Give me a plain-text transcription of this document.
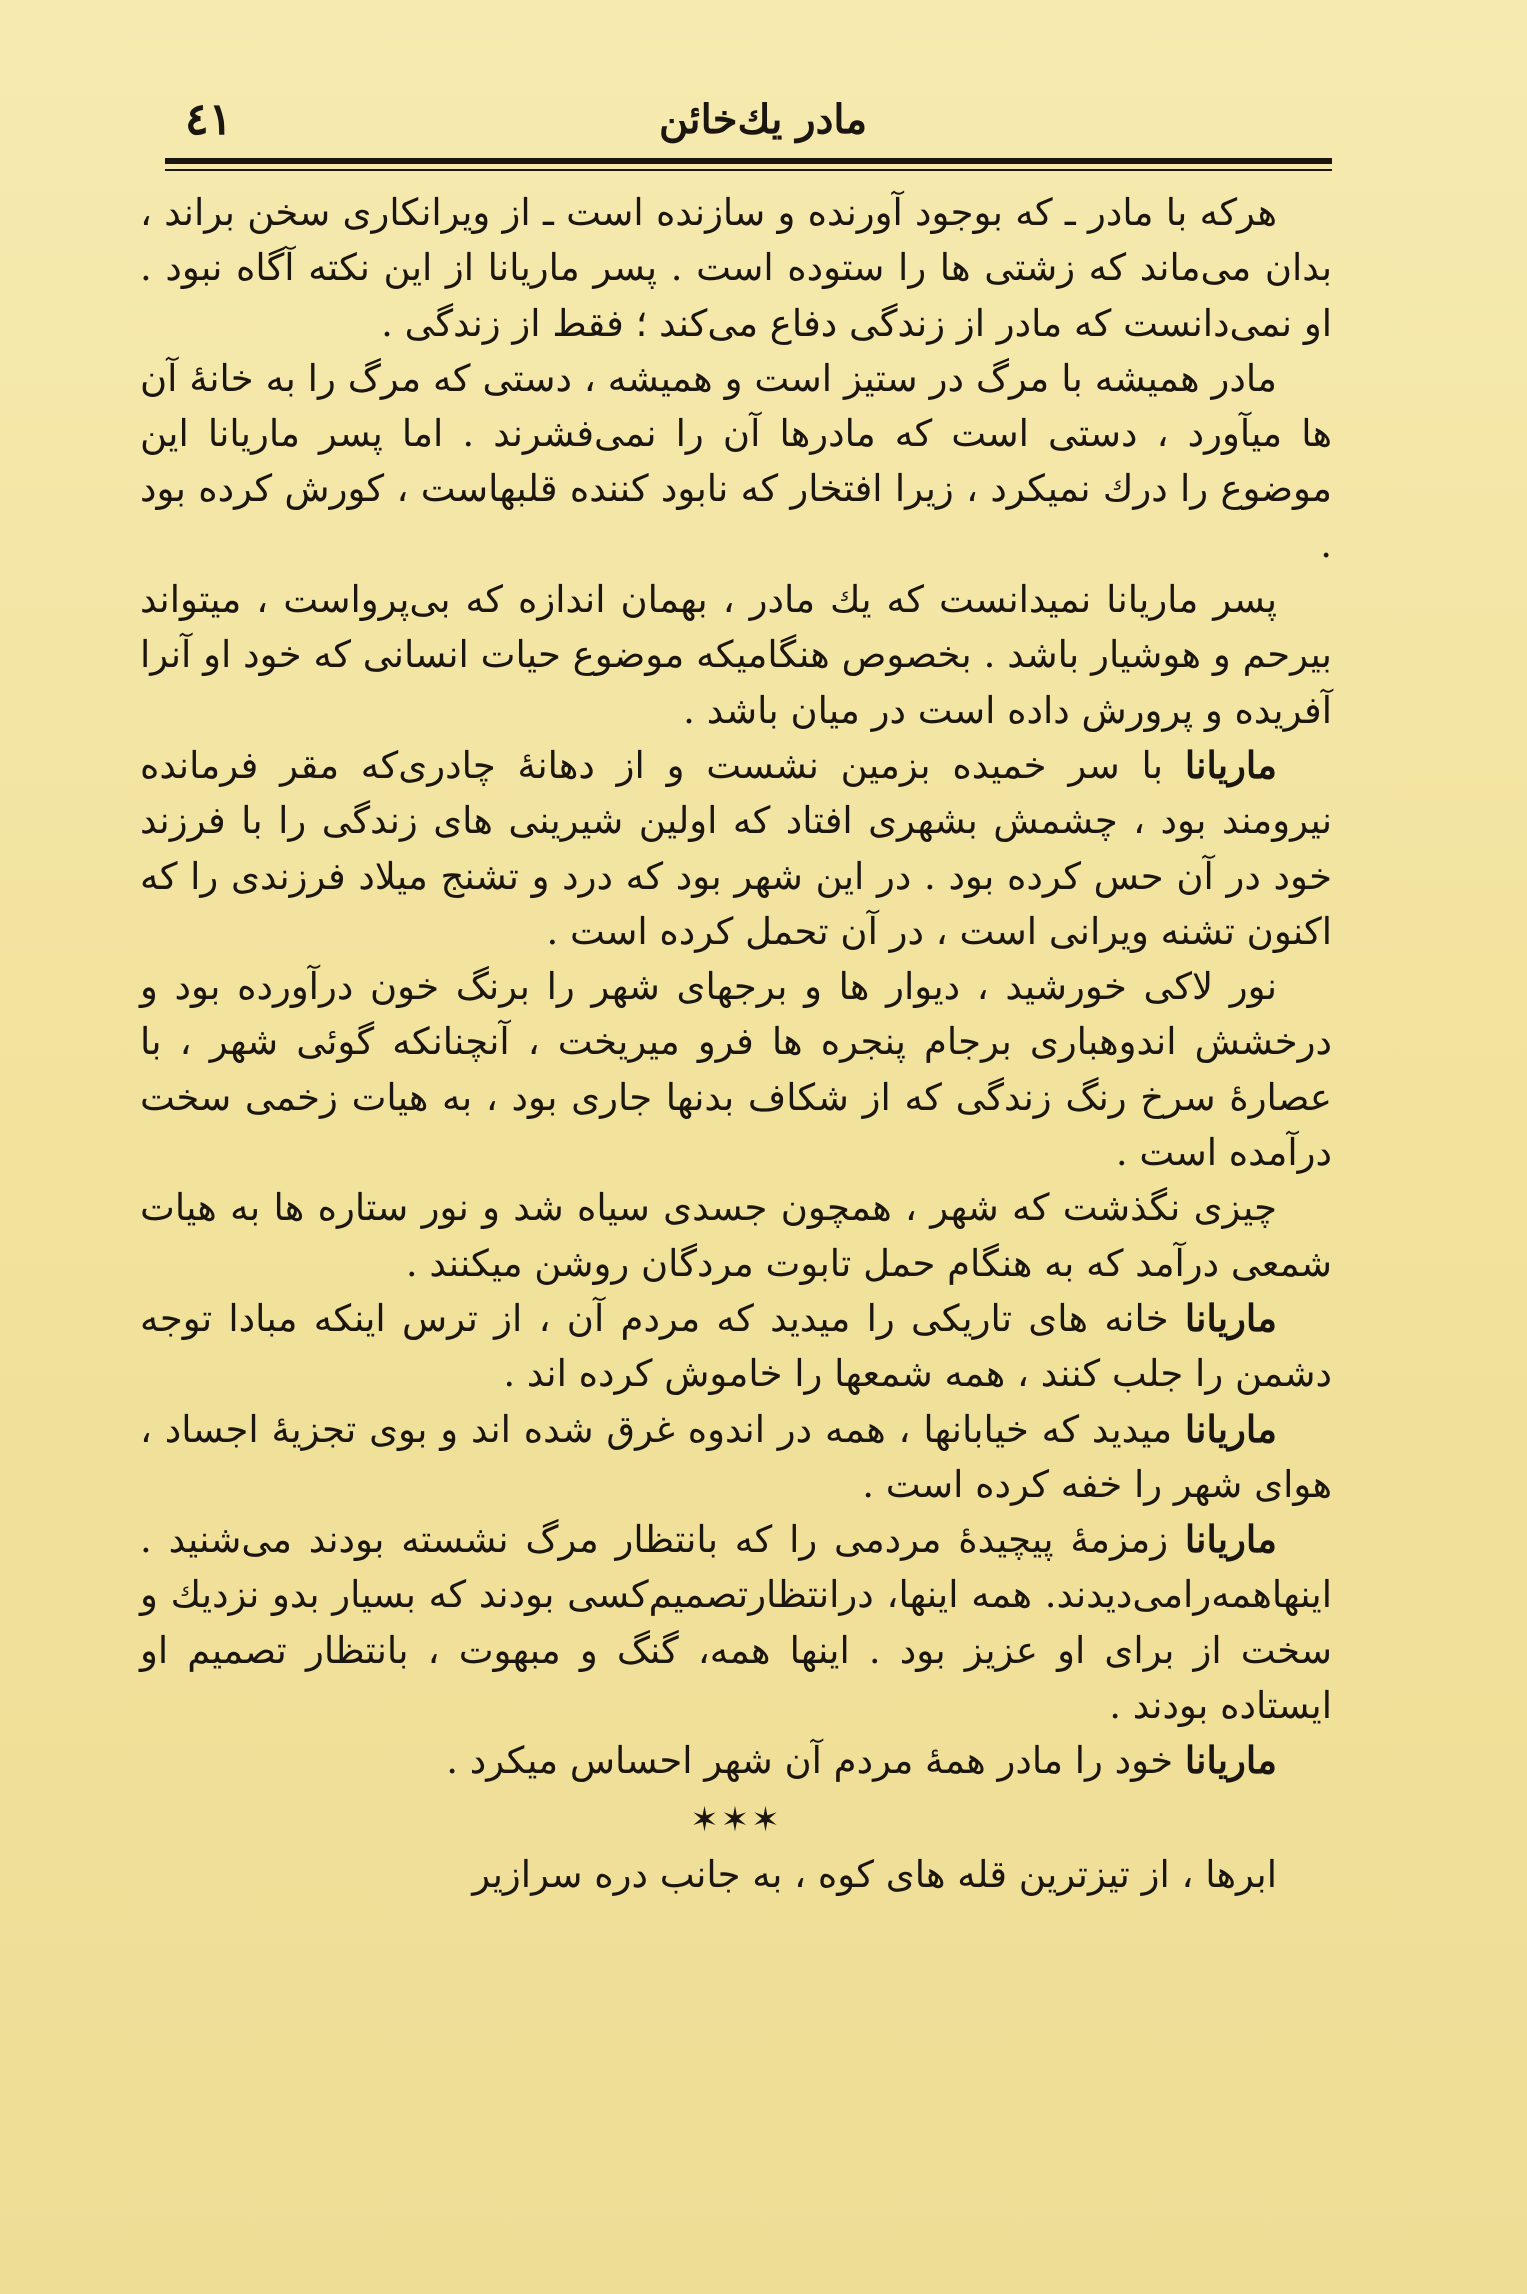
مادر يك‌خائن
٤١

هرکه با مادر ـ که بوجود آورنده و سازنده است ـ از ویرانکاری سخن براند ، بدان می‌ماند که زشتی ها را ستوده است . پسر ماریانا از این نکته آگاه نبود . او نمی‌دانست که مادر از زندگی دفاع می‌کند ؛ فقط از زندگی .

مادر همیشه با مرگ در ستیز است و همیشه ، دستی که مرگ را به خانهٔ آن ها میآورد ، دستی است که مادرها آن را نمی‌فشرند . اما پسر ماریانا این موضوع را درك نمیکرد ، زیرا افتخار که نابود کننده قلبهاست ، کورش کرده بود .

پسر ماریانا نمیدانست که یك مادر ، بهمان اندازه که بی‌پرواست ، میتواند بیرحم و هوشیار باشد . بخصوص هنگامیکه موضوع حیات انسانی که خود او آنرا آفریده و پرورش داده است در میان باشد .

ماریانا با سر خمیده بزمین نشست و از دهانهٔ چادری‌که مقر فرمانده نیرومند بود ، چشمش بشهری افتاد که اولین شیرینی های زندگی را با فرزند خود در آن حس کرده بود . در این شهر بود که درد و تشنج میلاد فرزندی را که اکنون تشنه ویرانی است ، در آن تحمل کرده است .

نور لاکی خورشید ، دیوار ها و برجهای شهر را برنگ خون درآورده بود و درخشش اندوهباری برجام پنجره ها فرو میریخت ، آنچنانکه گوئی شهر ، با عصارهٔ سرخ رنگ زندگی که از شکاف بدنها جاری بود ، به هیات زخمی سخت درآمده است .

چیزی نگذشت که شهر ، همچون جسدی سیاه شد و نور ستاره ها به هیات شمعی درآمد که به هنگام حمل تابوت مردگان روشن میکنند .

ماریانا خانه های تاریکی را میدید که مردم آن ، از ترس اینکه مبادا توجه دشمن را جلب کنند ، همه شمعها را خاموش کرده اند .

ماریانا میدید که خیابانها ، همه در اندوه غرق شده اند و بوی تجزیهٔ اجساد ، هوای شهر را خفه کرده است .

ماریانا زمزمهٔ پیچیدهٔ مردمی را که بانتظار مرگ نشسته بودند می‌شنید . اینها‌همه‌رامی‌دیدند. همه اینها، درانتظارتصمیم‌کسی بودند که بسیار بدو نزدیك و سخت از برای او عزیز بود . اینها همه، گنگ و مبهوت ، بانتظار تصمیم او ایستاده بودند .

ماریانا خود را مادر همهٔ مردم آن شهر احساس میکرد .

✶✶✶

ابرها ، از تیزترین قله های کوه ، به جانب دره سرازیر
